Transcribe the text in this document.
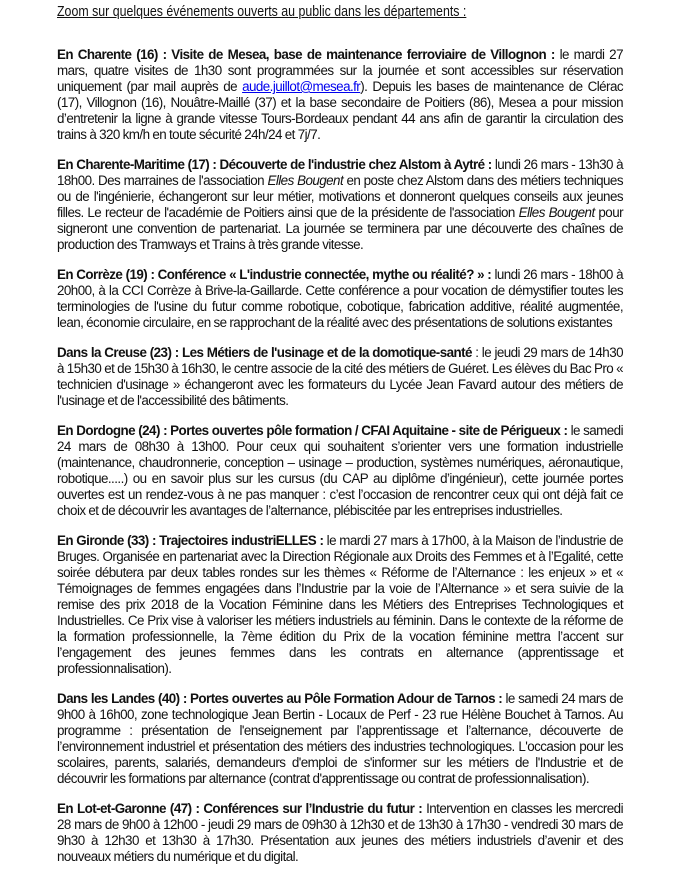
Zoom sur quelques événements ouverts au public dans les départements :

En Charente (16) : Visite de Mesea, base de maintenance ferroviaire de Villognon : le mardi 27 mars, quatre visites de 1h30 sont programmées sur la journée et sont accessibles sur réservation uniquement (par mail auprès de aude.juillot@mesea.fr). Depuis les bases de maintenance de Clérac (17), Villognon (16), Nouâtre-Maillé (37) et la base secondaire de Poitiers (86), Mesea a pour mission d’entretenir la ligne à grande vitesse Tours-Bordeaux pendant 44 ans afin de garantir la circulation des trains à 320 km/h en toute sécurité 24h/24 et 7j/7.

En Charente-Maritime (17) : Découverte de l'industrie chez Alstom à Aytré : lundi 26 mars - 13h30 à 18h00. Des marraines de l'association Elles Bougent en poste chez Alstom dans des métiers techniques ou de l'ingénierie, échangeront sur leur métier, motivations et donneront quelques conseils aux jeunes filles. Le recteur de l'académie de Poitiers ainsi que de la présidente de l'association Elles Bougent pour signeront une convention de partenariat. La journée se terminera par une découverte des chaînes de production des Tramways et Trains à très grande vitesse.

En Corrèze (19) : Conférence « L'industrie connectée, mythe ou réalité? » : lundi 26 mars - 18h00 à 20h00, à la CCI Corrèze à Brive-la-Gaillarde. Cette conférence a pour vocation de démystifier toutes les terminologies de l'usine du futur comme robotique, cobotique, fabrication additive, réalité augmentée, lean, économie circulaire, en se rapprochant de la réalité avec des présentations de solutions existantes

Dans la Creuse (23) : Les Métiers de l'usinage et de la domotique-santé : le jeudi 29 mars de 14h30 à 15h30 et de 15h30 à 16h30, le centre associe de la cité des métiers de Guéret. Les élèves du Bac Pro « technicien d'usinage » échangeront avec les formateurs du Lycée Jean Favard autour des métiers de l'usinage et de l'accessibilité des bâtiments.

En Dordogne (24) : Portes ouvertes pôle formation / CFAI Aquitaine - site de Périgueux : le samedi 24 mars de 08h30 à 13h00. Pour ceux qui souhaitent s’orienter vers une formation industrielle (maintenance, chaudronnerie, conception – usinage – production, systèmes numériques, aéronautique, robotique.....) ou en savoir plus sur les cursus (du CAP au diplôme d’ingénieur), cette journée portes ouvertes est un rendez-vous à ne pas manquer : c’est l’occasion de rencontrer ceux qui ont déjà fait ce choix et de découvrir les avantages de l’alternance, plébiscitée par les entreprises industrielles.

En Gironde (33) : Trajectoires industriELLES : le mardi 27 mars à 17h00, à la Maison de l’industrie de Bruges. Organisée en partenariat avec la Direction Régionale aux Droits des Femmes et à l’Egalité, cette soirée débutera par deux tables rondes sur les thèmes « Réforme de l’Alternance : les enjeux » et « Témoignages de femmes engagées dans l’Industrie par la voie de l’Alternance » et sera suivie de la remise des prix 2018 de la Vocation Féminine dans les Métiers des Entreprises Technologiques et Industrielles. Ce Prix vise à valoriser les métiers industriels au féminin. Dans le contexte de la réforme de la formation professionnelle, la 7ème édition du Prix de la vocation féminine mettra l’accent sur l’engagement des jeunes femmes dans les contrats en alternance (apprentissage et professionnalisation).

Dans les Landes (40) : Portes ouvertes au Pôle Formation Adour de Tarnos : le samedi 24 mars de 9h00 à 16h00, zone technologique Jean Bertin - Locaux de Perf - 23 rue Hélène Bouchet à Tarnos. Au programme : présentation de l'enseignement par l’apprentissage et l’alternance, découverte de l’environnement industriel et présentation des métiers des industries technologiques. L'occasion pour les scolaires, parents, salariés, demandeurs d'emploi de s'informer sur les métiers de l'Industrie et de découvrir les formations par alternance (contrat d'apprentissage ou contrat de professionnalisation).

En Lot-et-Garonne (47) : Conférences sur l’Industrie du futur : Intervention en classes les mercredi 28 mars de 9h00 à 12h00 - jeudi 29 mars de 09h30 à 12h30 et de 13h30 à 17h30 - vendredi 30 mars de 9h30 à 12h30 et 13h30 à 17h30. Présentation aux jeunes des métiers industriels d’avenir et des nouveaux métiers du numérique et du digital.
